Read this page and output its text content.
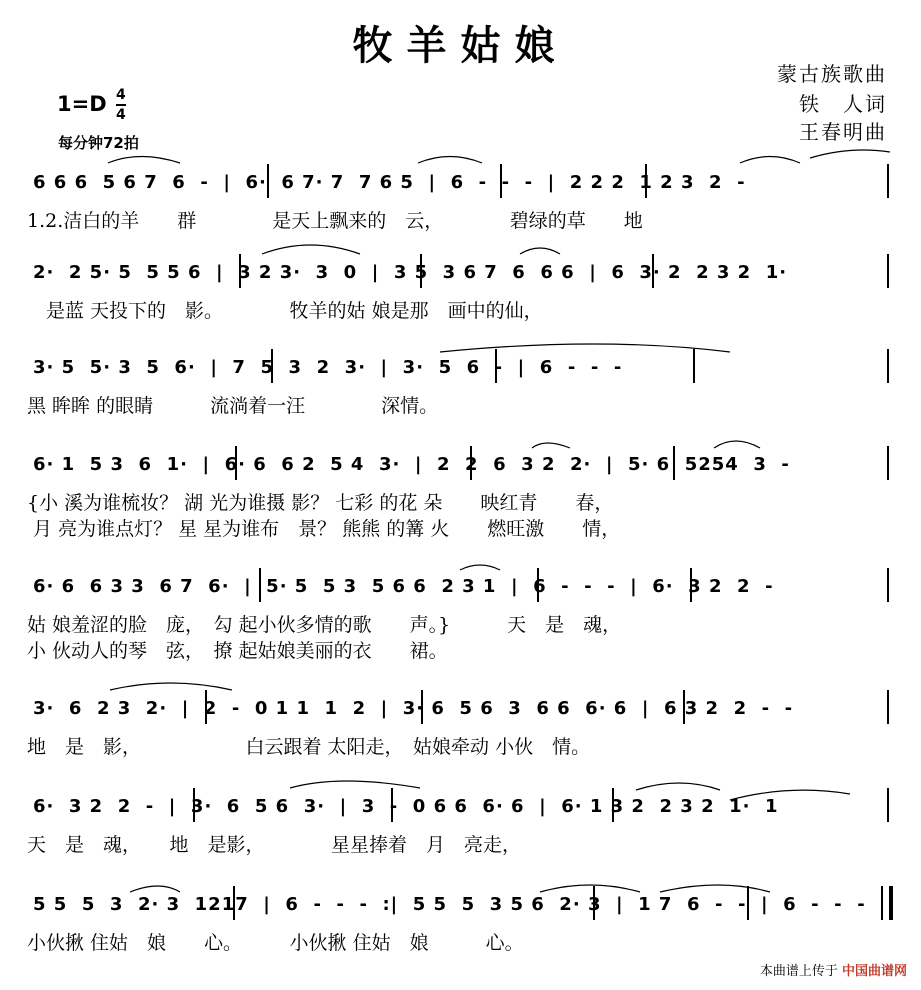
牧羊姑娘
蒙古族歌曲
铁　人词
王春明曲
$1=D \frac{4}{4}$
每分钟72拍
6 6 6  5 6 7  6  -  |  6·  6 7· 7  7 6 5  |  6  -  -  -  |  2 2 2  1 2 3  2  -
1.2.洁白的羊　　群　　　　是天上飘来的　云，　　　　碧绿的草　　地
2·  2 5· 5  5 5 6  |  3 2 3·  3  0  |  3 5  3 6 7  6  6 6  |  6  3· 2  2 3 2  1·
　是蓝 天投下的　影。　　　　牧羊的姑 娘是那　画中的仙，
3· 5  5· 3  5  6·  |  7  5  3  2  3·  |  3·  5  6  -  |  6  -  -  -
黑 眸眸 的眼睛　　　流淌着一汪　　　　深情。
6· 1  5 3  6  1·  |  6· 6  6 2  5 4  3·  |  2  2  6  3 2  2·  |  5· 6  5254  3  -
{小 溪为谁梳妆？ 湖 光为谁摄 影？ 七彩 的花 朵　　映红青　　春，
月 亮为谁点灯？ 星 星为谁布　景？ 熊熊 的篝 火　　燃旺激　　情，
6· 6  6 3 3  6 7  6·  |  5· 5  5 3  5 6 6  2 3 1  |  6  -  -  -  |  6·  3 2  2  -
姑 娘羞涩的脸　庞，　勾 起小伙多情的歌　　声。}　　　天　是　魂，
小 伙动人的琴　弦，　撩 起姑娘美丽的衣　　裙。
3·  6  2 3  2·  |  2  -  0 1 1  1  2  |  3· 6  5 6  3  6 6  6· 6  |  6 3 2  2  -  -
地　是　影，　　　　　　白云跟着 太阳走，　姑娘牵动 小伙　情。
6·  3 2  2  -  |  3·  6  5 6  3·  |  3  -  0 6 6  6· 6  |  6· 1 3 2  2 3 2  1·  1
天　是　魂，　　地　是影，　　　　星星捧着　月　亮走，
5 5  5  3  2· 3  1217  |  6  -  -  -  :|  5 5  5  3 5 6  2· 3  |  1 7  6  -  -  |  6  -  -  -
小伙揪 住姑　娘　　心。　　　小伙揪 住姑　娘　　　心。
本曲谱上传于 中国曲谱网
